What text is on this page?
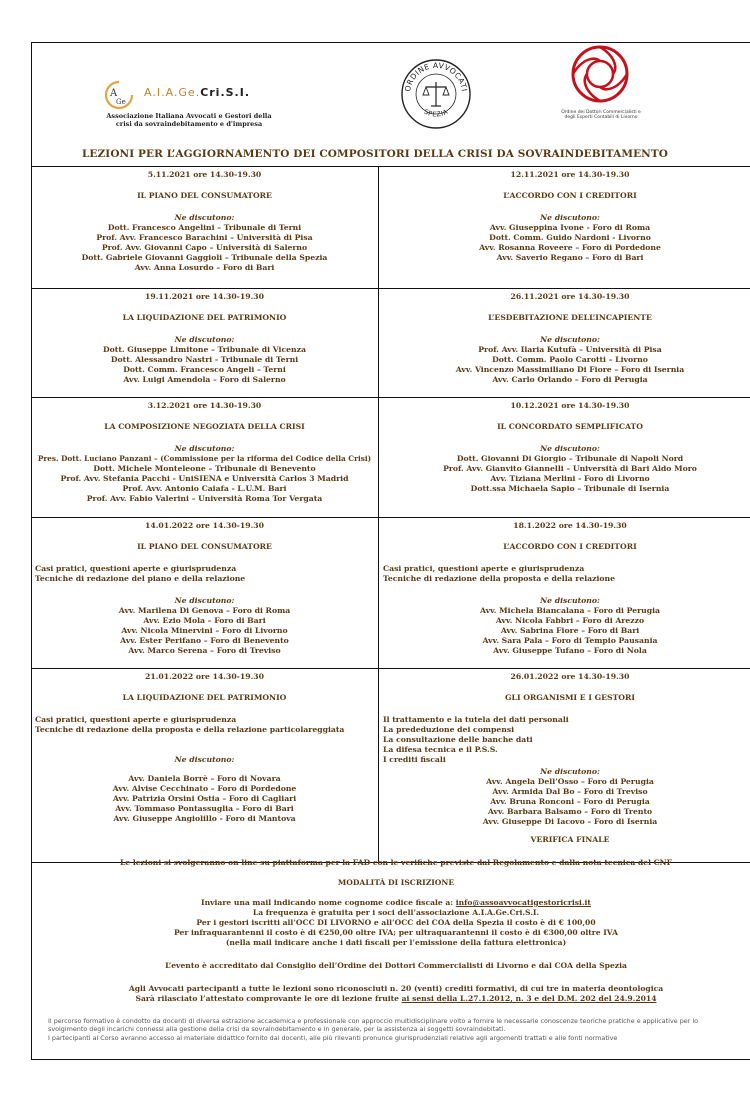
A
Ge
A.I.A.Ge.Cri.S.I.
Associazione Italiana Avvocati e Gestori della crisi da sovraindebitamento e d'impresa
ORDINE AVVOCATI
SPEZIA	Ordine dei Dottori Commercialisti e degli Esperti Contabili di Livorno
LEZIONI PER L’AGGIORNAMENTO DEI COMPOSITORI DELLA CRISI DA SOVRAINDEBITAMENTO
5.11.2021 ore 14.30-19.30
IL PIANO DEL CONSUMATORE
Ne discutono:
Dott. Francesco Angelini – Tribunale di Terni
Prof. Avv. Francesco Barachini – Università di Pisa
Prof. Avv. Giovanni Capo – Università di Salerno
Dott. Gabriele Giovanni Gaggioli – Tribunale della Spezia
Avv. Anna Losurdo – Foro di Bari
12.11.2021 ore 14.30-19.30
L’ACCORDO CON I CREDITORI
Ne discutono:
Avv. Giuseppina Ivone - Foro di Roma
Dott. Comm. Guido Nardoni - Livorno
Avv. Rosanna Roveere – Foro di Pordedone
Avv. Saverio Regano – Foro di Bari
19.11.2021 ore 14.30-19.30
LA LIQUIDAZIONE DEL PATRIMONIO
Ne discutono:
Dott. Giuseppe Limitone – Tribunale di Vicenza
Dott. Alessandro Nastri - Tribunale di Terni
Dott. Comm. Francesco Angeli – Terni
Avv. Luigi Amendola – Foro di Salerno
26.11.2021 ore 14.30-19.30
L’ESDEBITAZIONE DELL’INCAPIENTE
Ne discutono:
Prof. Avv. Ilaria Kutufà – Università di Pisa
Dott. Comm. Paolo Carotti – Livorno
Avv. Vincenzo Massimiliano Di Fiore – Foro di Isernia
Avv. Carlo Orlando – Foro di Perugia
3.12.2021 ore 14.30-19.30
LA COMPOSIZIONE NEGOZIATA DELLA CRISI
Ne discutono:
Pres. Dott. Luciano Panzani – (Commissione per la riforma del Codice della Crisi)
Dott. Michele Monteleone – Tribunale di Benevento
Prof. Avv. Stefania Pacchi - UniSIENA e Università Carlos 3 Madrid
Prof. Avv. Antonio Caiafa - L.U.M. Bari
Prof. Avv. Fabio Valerini – Università Roma Tor Vergata
10.12.2021 ore 14.30-19.30
IL CONCORDATO SEMPLIFICATO
Ne discutono:
Dott. Giovanni Di Giorgio – Tribunale di Napoli Nord
Prof. Avv. Gianvito Giannelli – Università di Bari Aldo Moro
Avv. Tiziana Merlini - Foro di Livorno
Dott.ssa Michaela Sapio – Tribunale di Isernia
14.01.2022 ore 14.30-19.30
IL PIANO DEL CONSUMATORE
Casi pratici, questioni aperte e giurisprudenza
Tecniche di redazione del piano e della relazione
Ne discutono:
Avv. Marilena Di Genova – Foro di Roma
Avv. Ezio Mola – Foro di Bari
Avv. Nicola Minervini – Foro di Livorno
Avv. Ester Perifano – Foro di Benevento
Avv. Marco Serena – Foro di Treviso
18.1.2022 ore 14.30-19.30
L’ACCORDO CON I CREDITORI
Casi pratici, questioni aperte e giurisprudenza
Tecniche di redazione della proposta e della relazione
Ne discutono:
Avv. Michela Biancalana – Foro di Perugia
Avv. Nicola Fabbri – Foro di Arezzo
Avv. Sabrina Fiore – Foro di Bari
Avv. Sara Pala – Foro di Tempio Pausania
Avv. Giuseppe Tufano – Foro di Nola
21.01.2022 ore 14.30-19.30
LA LIQUIDAZIONE DEL PATRIMONIO
Casi pratici, questioni aperte e giurisprudenza
Tecniche di redazione della proposta e della relazione particolareggiata
Ne discutono:
Avv. Daniela Borrè – Foro di Novara
Avv. Alvise Cecchinato – Foro di Pordedone
Avv. Patrizia Orsini Ostia – Foro di Cagliari
Avv. Tommaso Pontassuglia – Foro di Bari
Avv. Giuseppe Angiolillo - Foro di Mantova
26.01.2022 ore 14.30-19.30
GLI ORGANISMI E I GESTORI
Il trattamento e la tutela dei dati personali
La prededuzione dei compensi
La consultazione delle banche dati
La difesa tecnica e il P.S.S.
I crediti fiscali
Ne discutono:
Avv. Angela Dell’Osso – Foro di Perugia
Avv. Armida Dal Bo – Foro di Treviso
Avv. Bruna Ronconi – Foro di Perugia
Avv. Barbara Balsamo – Foro di Trento
Avv. Giuseppe Di Iacovo – Foro di Isernia
VERIFICA FINALE
Le lezioni si svolgeranno on line su piattaforma per la FAD con le verifiche previste dal Regolamento e dalla nota tecnica del CNF
MODALITÀ DI ISCRIZIONE
Inviare una mail indicando nome cognome codice fiscale a: info@assoavvocatigestoricrisi.it
La frequenza è gratuita per i soci dell’associazione A.I.A.Ge.Cri.S.I.
Per i gestori iscritti all’OCC DI LIVORNO e all’OCC del COA della Spezia il costo è di € 100,00
Per infraquarantenni il costo è di €250,00 oltre IVA; per ultraquarantenni il costo è di €300,00 oltre IVA
(nella mail indicare anche i dati fiscali per l’emissione della fattura elettronica)
L’evento è accreditato dal Consiglio dell’Ordine dei Dottori Commercialisti di Livorno e dal COA della Spezia
Agli Avvocati partecipanti a tutte le lezioni sono riconosciuti n. 20 (venti) crediti formativi, di cui tre in materia deontologica
Sarà rilasciato l’attestato comprovante le ore di lezione fruite ai sensi della L.27.1.2012, n. 3 e del D.M. 202 del 24.9.2014
Il percorso formativo è condotto da docenti di diversa estrazione accademica e professionale con approccio multidisciplinare volto a fornire le necessarie conoscenze teoriche pratiche e applicative per lo svolgimento degli incarichi connessi alla gestione della crisi da sovraindebitamento e in generale, per la assistenza ai soggetti sovraindebitati.
I partecipanti al Corso avranno accesso al materiale didattico fornito dai docenti, alle più rilevanti pronunce giurisprudenziali relative agli argomenti trattati e alle fonti normative
